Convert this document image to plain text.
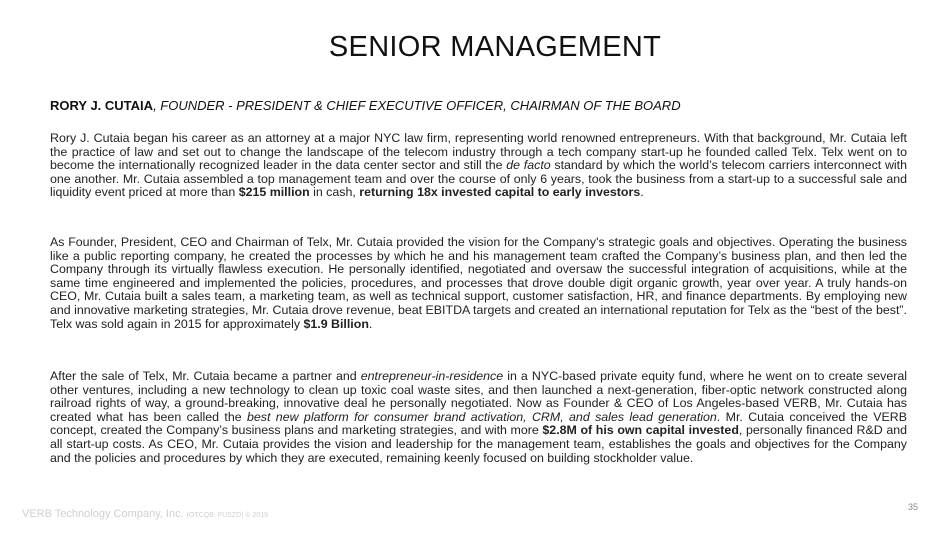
SENIOR MANAGEMENT
RORY J. CUTAIA, FOUNDER - PRESIDENT & CHIEF EXECUTIVE OFFICER, CHAIRMAN OF THE BOARD

Rory J. Cutaia began his career as an attorney at a major NYC law firm, representing world renowned entrepreneurs. With that background, Mr. Cutaia left the practice of law and set out to change the landscape of the telecom industry through a tech company start-up he founded called Telx. Telx went on to become the internationally recognized leader in the data center sector and still the de facto standard by which the world’s telecom carriers interconnect with one another. Mr. Cutaia assembled a top management team and over the course of only 6 years, took the business from a start-up to a successful sale and liquidity event priced at more than $215 million in cash, returning 18x invested capital to early investors.

As Founder, President, CEO and Chairman of Telx, Mr. Cutaia provided the vision for the Company's strategic goals and objectives. Operating the business like a public reporting company, he created the processes by which he and his management team crafted the Company’s business plan, and then led the Company through its virtually flawless execution. He personally identified, negotiated and oversaw the successful integration of acquisitions, while at the same time engineered and implemented the policies, procedures, and processes that drove double digit organic growth, year over year. A truly hands-on CEO, Mr. Cutaia built a sales team, a marketing team, as well as technical support, customer satisfaction, HR, and finance departments. By employing new and innovative marketing strategies, Mr. Cutaia drove revenue, beat EBITDA targets and created an international reputation for Telx as the “best of the best”. Telx was sold again in 2015 for approximately $1.9 Billion.

After the sale of Telx, Mr. Cutaia became a partner and entrepreneur-in-residence in a NYC-based private equity fund, where he went on to create several other ventures, including a new technology to clean up toxic coal waste sites, and then launched a next-generation, fiber-optic network constructed along railroad rights of way, a ground-breaking, innovative deal he personally negotiated. Now as Founder & CEO of Los Angeles-based VERB, Mr. Cutaia has created what has been called the best new platform for consumer brand activation, CRM, and sales lead generation. Mr. Cutaia conceived the VERB concept, created the Company’s business plans and marketing strategies, and with more $2.8M of his own capital invested, personally financed R&D and all start-up costs. As CEO, Mr. Cutaia provides the vision and leadership for the management team, establishes the goals and objectives for the Company and the policies and procedures by which they are executed, remaining keenly focused on building stockholder value.

VERB Technology Company, Inc. (OTCQB: FUSZD) © 2019
35
